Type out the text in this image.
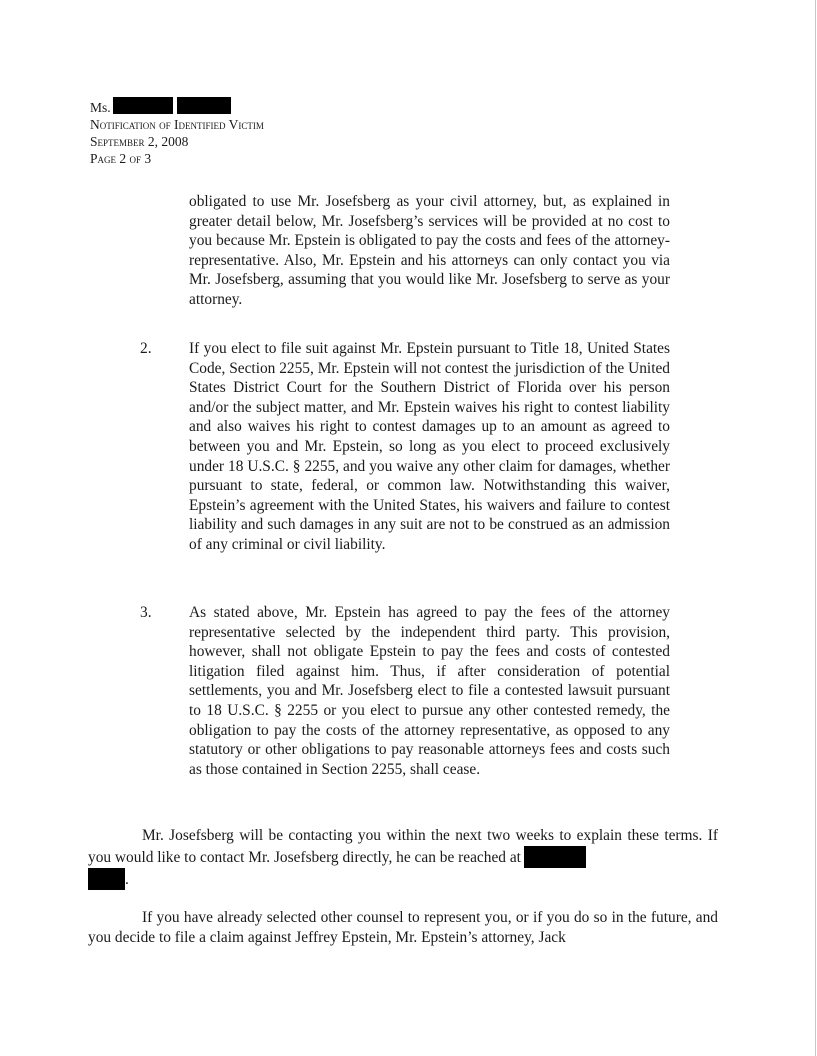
Ms.
Notification of Identified Victim
September 2, 2008
Page 2 of 3
obligated to use Mr. Josefsberg as your civil attorney, but, as explained in greater detail below, Mr. Josefsberg’s services will be provided at no cost to you because Mr. Epstein is obligated to pay the costs and fees of the attorney-representative. Also, Mr. Epstein and his attorneys can only contact you via Mr. Josefsberg, assuming that you would like Mr. Josefsberg to serve as your attorney.
2. If you elect to file suit against Mr. Epstein pursuant to Title 18, United States Code, Section 2255, Mr. Epstein will not contest the jurisdiction of the United States District Court for the Southern District of Florida over his person and/or the subject matter, and Mr. Epstein waives his right to contest liability and also waives his right to contest damages up to an amount as agreed to between you and Mr. Epstein, so long as you elect to proceed exclusively under 18 U.S.C. § 2255, and you waive any other claim for damages, whether pursuant to state, federal, or common law. Notwithstanding this waiver, Epstein’s agreement with the United States, his waivers and failure to contest liability and such damages in any suit are not to be construed as an admission of any criminal or civil liability.
3. As stated above, Mr. Epstein has agreed to pay the fees of the attorney representative selected by the independent third party. This provision, however, shall not obligate Epstein to pay the fees and costs of contested litigation filed against him. Thus, if after consideration of potential settlements, you and Mr. Josefsberg elect to file a contested lawsuit pursuant to 18 U.S.C. § 2255 or you elect to pursue any other contested remedy, the obligation to pay the costs of the attorney representative, as opposed to any statutory or other obligations to pay reasonable attorneys fees and costs such as those contained in Section 2255, shall cease.
Mr. Josefsberg will be contacting you within the next two weeks to explain these terms. If you would like to contact Mr. Josefsberg directly, he can be reached at
.
If you have already selected other counsel to represent you, or if you do so in the future, and you decide to file a claim against Jeffrey Epstein, Mr. Epstein’s attorney, Jack
